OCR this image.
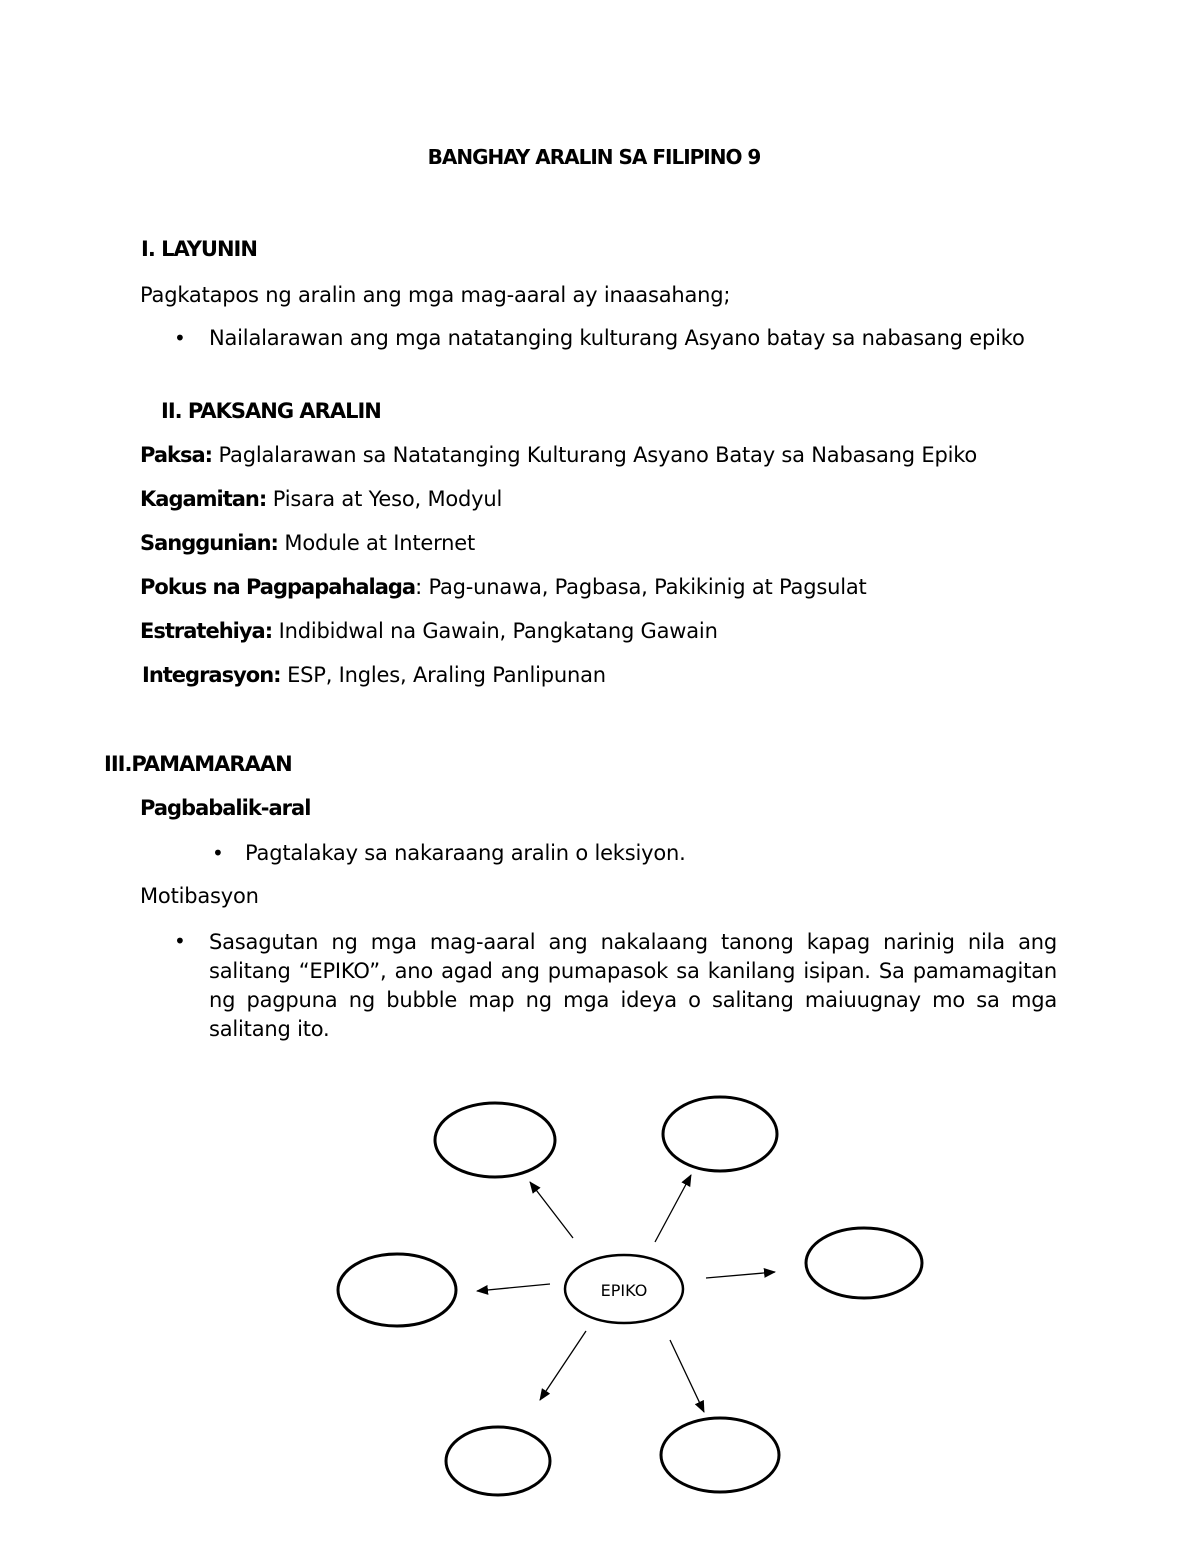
BANGHAY ARALIN SA FILIPINO 9
I. LAYUNIN
Pagkatapos ng aralin ang mga mag-aaral ay inaasahang;
• Nailalarawan ang mga natatanging kulturang Asyano batay sa nabasang epiko
II. PAKSANG ARALIN
Paksa: Paglalarawan sa Natatanging Kulturang Asyano Batay sa Nabasang Epiko
Kagamitan: Pisara at Yeso, Modyul
Sanggunian: Module at Internet
Pokus na Pagpapahalaga: Pag-unawa, Pagbasa, Pakikinig at Pagsulat
Estratehiya: Indibidwal na Gawain, Pangkatang Gawain
Integrasyon: ESP, Ingles, Araling Panlipunan
III.PAMAMARAAN
Pagbabalik-aral
• Pagtalakay sa nakaraang aralin o leksiyon.
Motibasyon
• Sasagutan ng mga mag-aaral ang nakalaang tanong kapag narinig nila ang salitang “EPIKO”, ano agad ang pumapasok sa kanilang isipan. Sa pamamagitan ng pagpuna ng bubble map ng mga ideya o salitang maiuugnay mo sa mga salitang ito.
EPIKO
